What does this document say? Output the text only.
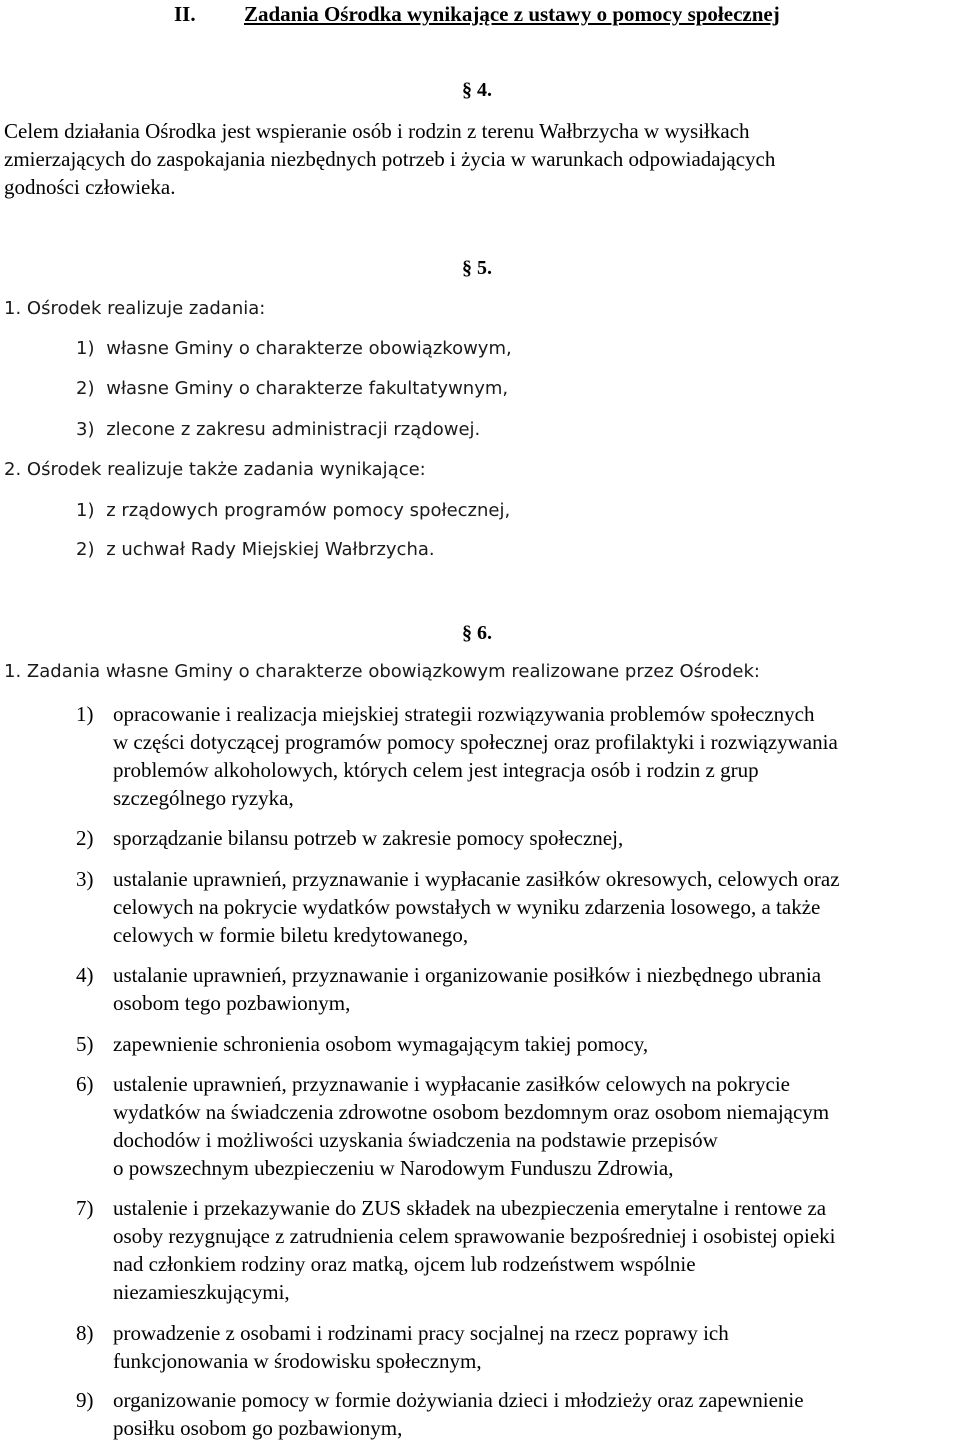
II. Zadania Ośrodka wynikające z ustawy o pomocy społecznej
§ 4.
Celem działania Ośrodka jest wspieranie osób i rodzin z terenu Wałbrzycha w wysiłkach
zmierzających do zaspokajania niezbędnych potrzeb i życia w warunkach odpowiadających
godności człowieka.
§ 5.
1. Ośrodek realizuje zadania:
1) własne Gminy o charakterze obowiązkowym,
2) własne Gminy o charakterze fakultatywnym,
3) zlecone z zakresu administracji rządowej.
2. Ośrodek realizuje także zadania wynikające:
1) z rządowych programów pomocy społecznej,
2) z uchwał Rady Miejskiej Wałbrzycha.
§ 6.
1. Zadania własne Gminy o charakterze obowiązkowym realizowane przez Ośrodek:
1) opracowanie i realizacja miejskiej strategii rozwiązywania problemów społecznych
w części dotyczącej programów pomocy społecznej oraz profilaktyki i rozwiązywania
problemów alkoholowych, których celem jest integracja osób i rodzin z grup
szczególnego ryzyka,
2) sporządzanie bilansu potrzeb w zakresie pomocy społecznej,
3) ustalanie uprawnień, przyznawanie i wypłacanie zasiłków okresowych, celowych oraz
celowych na pokrycie wydatków powstałych w wyniku zdarzenia losowego, a także
celowych w formie biletu kredytowanego,
4) ustalanie uprawnień, przyznawanie i organizowanie posiłków i niezbędnego ubrania
osobom tego pozbawionym,
5) zapewnienie schronienia osobom wymagającym takiej pomocy,
6) ustalenie uprawnień, przyznawanie i wypłacanie zasiłków celowych na pokrycie
wydatków na świadczenia zdrowotne osobom bezdomnym oraz osobom niemającym
dochodów i możliwości uzyskania świadczenia na podstawie przepisów
o powszechnym ubezpieczeniu w Narodowym Funduszu Zdrowia,
7) ustalenie i przekazywanie do ZUS składek na ubezpieczenia emerytalne i rentowe za
osoby rezygnujące z zatrudnienia celem sprawowanie bezpośredniej i osobistej opieki
nad członkiem rodziny oraz matką, ojcem lub rodzeństwem wspólnie
niezamieszkującymi,
8) prowadzenie z osobami i rodzinami pracy socjalnej na rzecz poprawy ich
funkcjonowania w środowisku społecznym,
9) organizowanie pomocy w formie dożywiania dzieci i młodzieży oraz zapewnienie
posiłku osobom go pozbawionym,
